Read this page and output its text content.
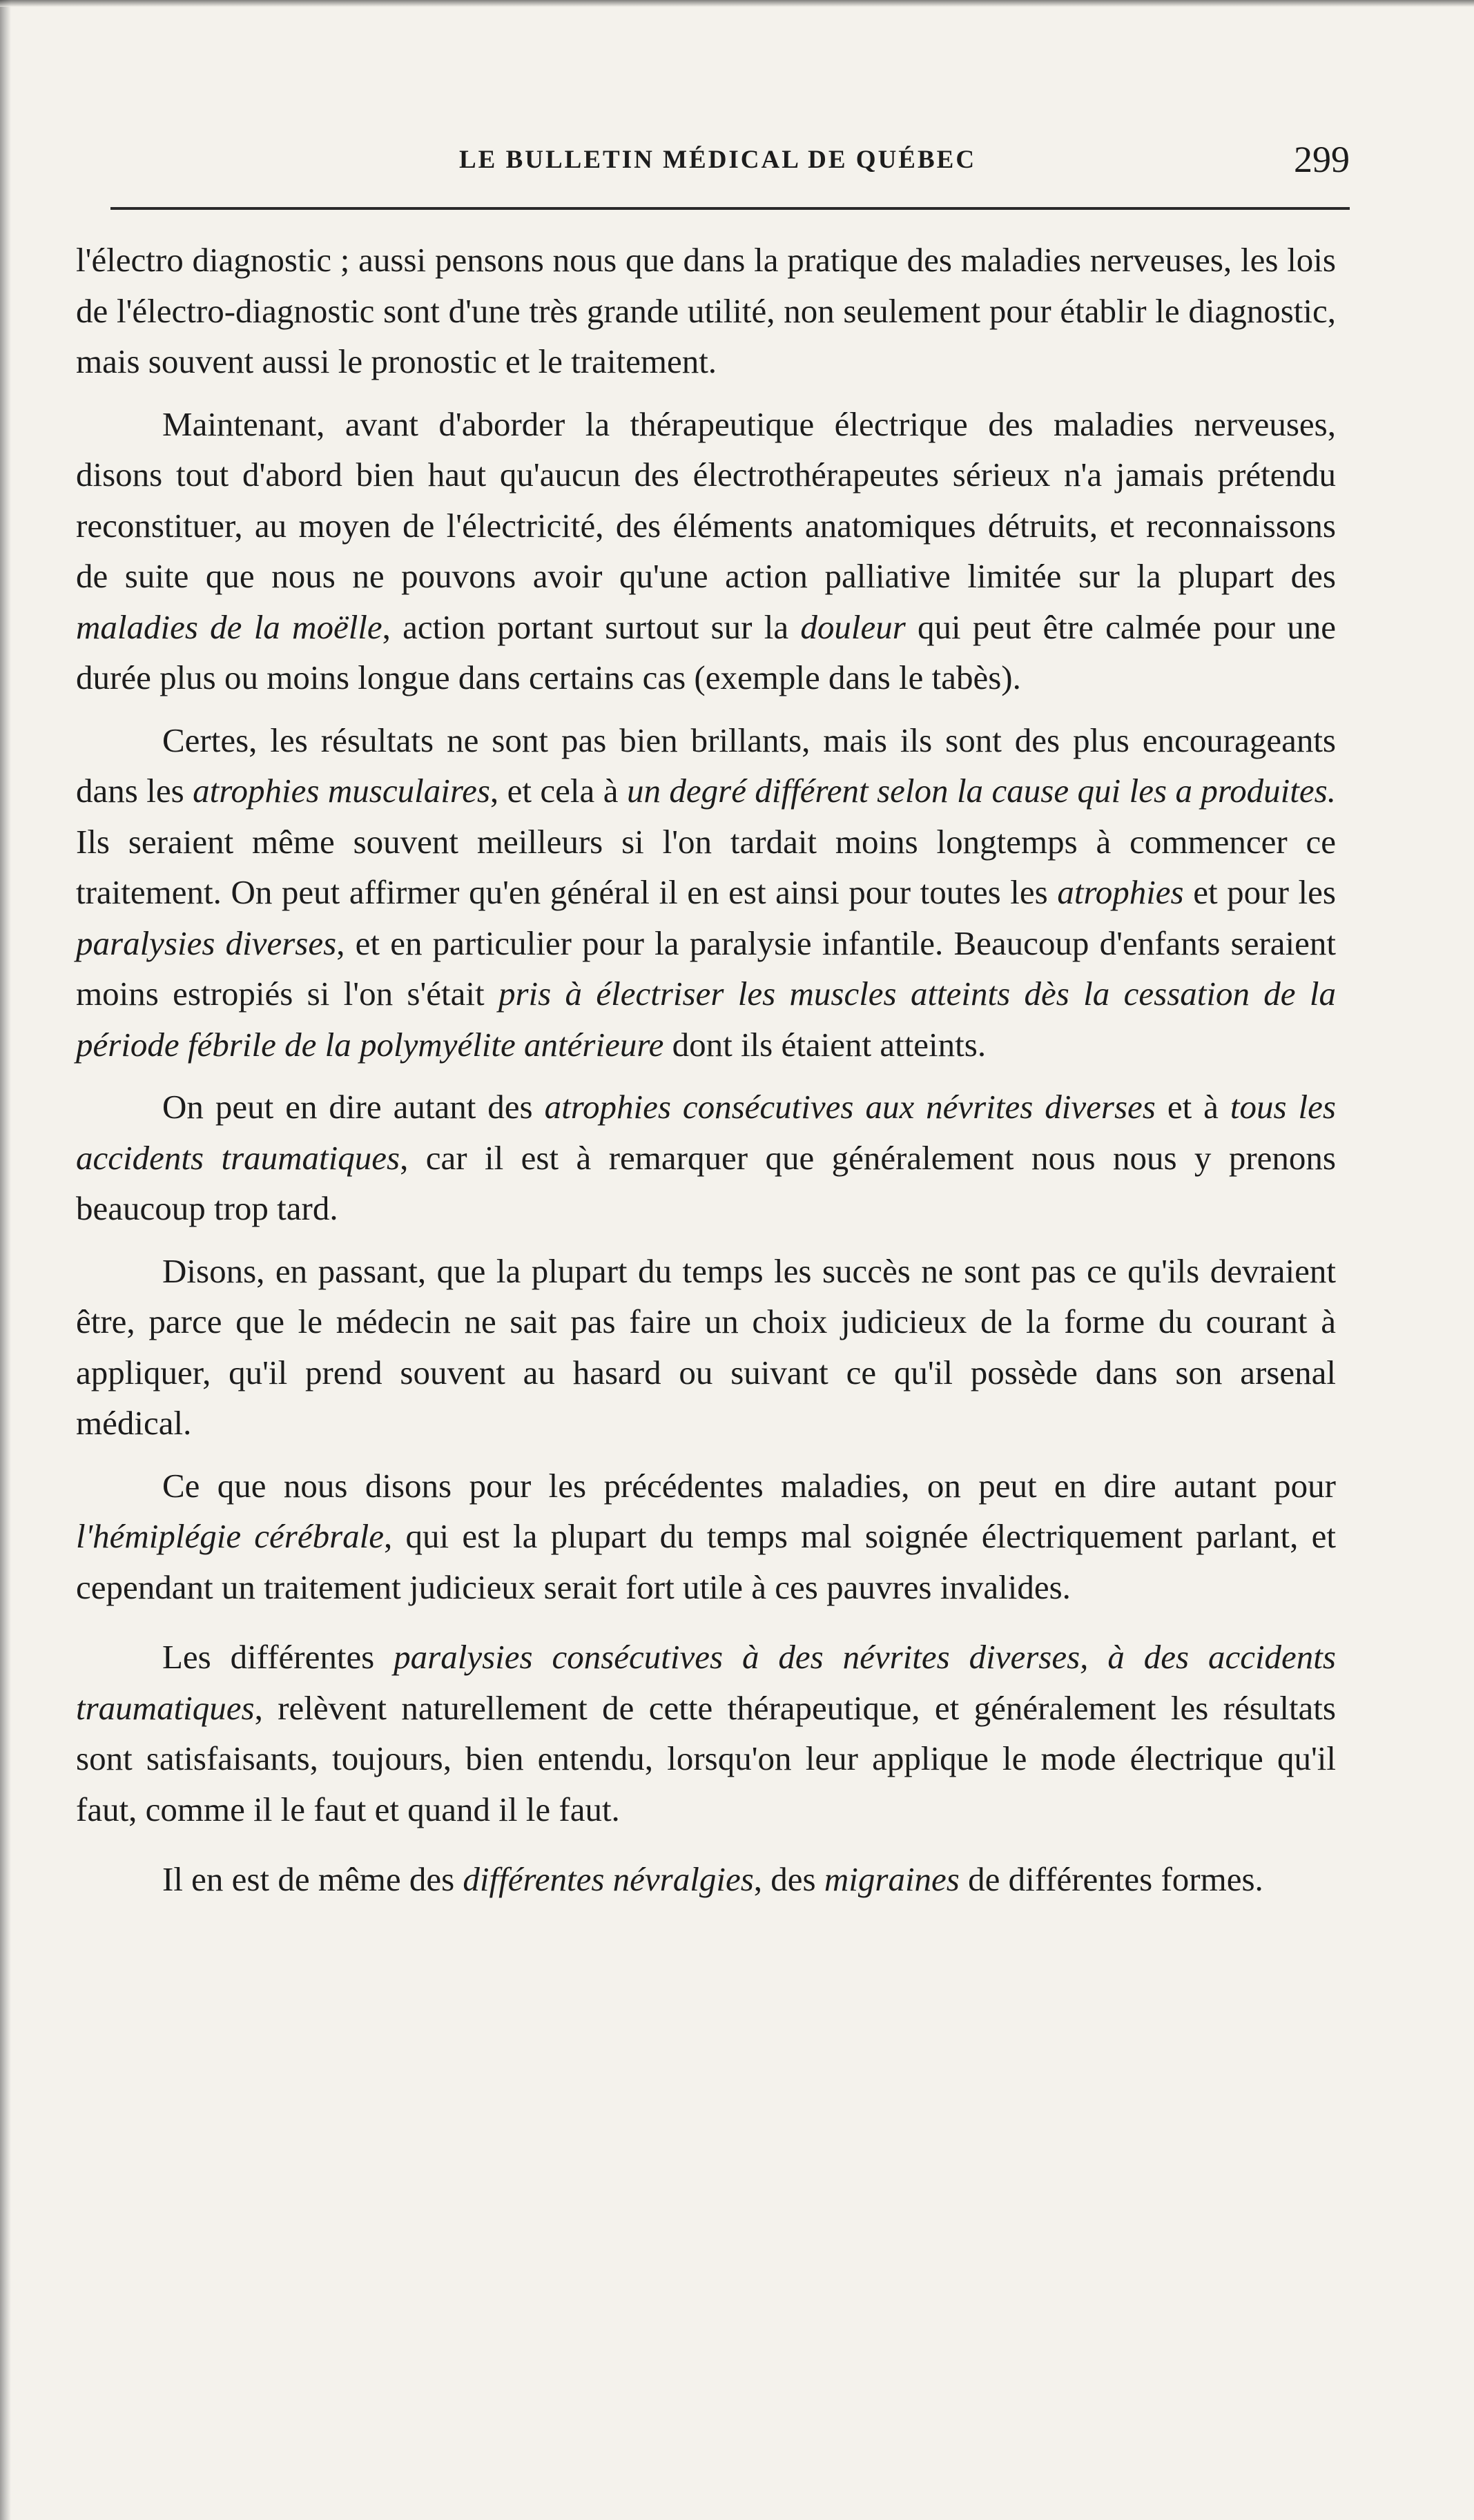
LE BULLETIN MÉDICAL DE QUÉBEC	299

l'électro diagnostic ; aussi pensons nous que dans la pratique des maladies nerveuses, les lois de l'électro-diagnostic sont d'une très grande utilité, non seulement pour établir le diagnostic, mais souvent aussi le pronostic et le traitement.

Maintenant, avant d'aborder la thérapeutique électrique des maladies nerveuses, disons tout d'abord bien haut qu'aucun des électrothérapeutes sérieux n'a jamais prétendu reconstituer, au moyen de l'électricité, des éléments anatomiques détruits, et reconnaissons de suite que nous ne pouvons avoir qu'une action palliative limitée sur la plupart des maladies de la moëlle, action portant surtout sur la douleur qui peut être calmée pour une durée plus ou moins longue dans certains cas (exemple dans le tabès).

Certes, les résultats ne sont pas bien brillants, mais ils sont des plus encourageants dans les atrophies musculaires, et cela à un degré différent selon la cause qui les a produites. Ils seraient même souvent meilleurs si l'on tardait moins longtemps à commencer ce traitement. On peut affirmer qu'en général il en est ainsi pour toutes les atrophies et pour les paralysies diverses, et en particulier pour la paralysie infantile. Beaucoup d'enfants seraient moins estropiés si l'on s'était pris à électriser les muscles atteints dès la cessation de la période fébrile de la polymyélite antérieure dont ils étaient atteints.

On peut en dire autant des atrophies consécutives aux névrites diverses et à tous les accidents traumatiques, car il est à remarquer que généralement nous nous y prenons beaucoup trop tard.

Disons, en passant, que la plupart du temps les succès ne sont pas ce qu'ils devraient être, parce que le médecin ne sait pas faire un choix judicieux de la forme du courant à appliquer, qu'il prend souvent au hasard ou suivant ce qu'il possède dans son arsenal médical.

Ce que nous disons pour les précédentes maladies, on peut en dire autant pour l'hémiplégie cérébrale, qui est la plupart du temps mal soignée électriquement parlant, et cependant un traitement judicieux serait fort utile à ces pauvres invalides.

Les différentes paralysies consécutives à des névrites diverses, à des accidents traumatiques, relèvent naturellement de cette thérapeutique, et généralement les résultats sont satisfaisants, toujours, bien entendu, lorsqu'on leur applique le mode électrique qu'il faut, comme il le faut et quand il le faut.

Il en est de même des différentes névralgies, des migraines de différentes formes.
